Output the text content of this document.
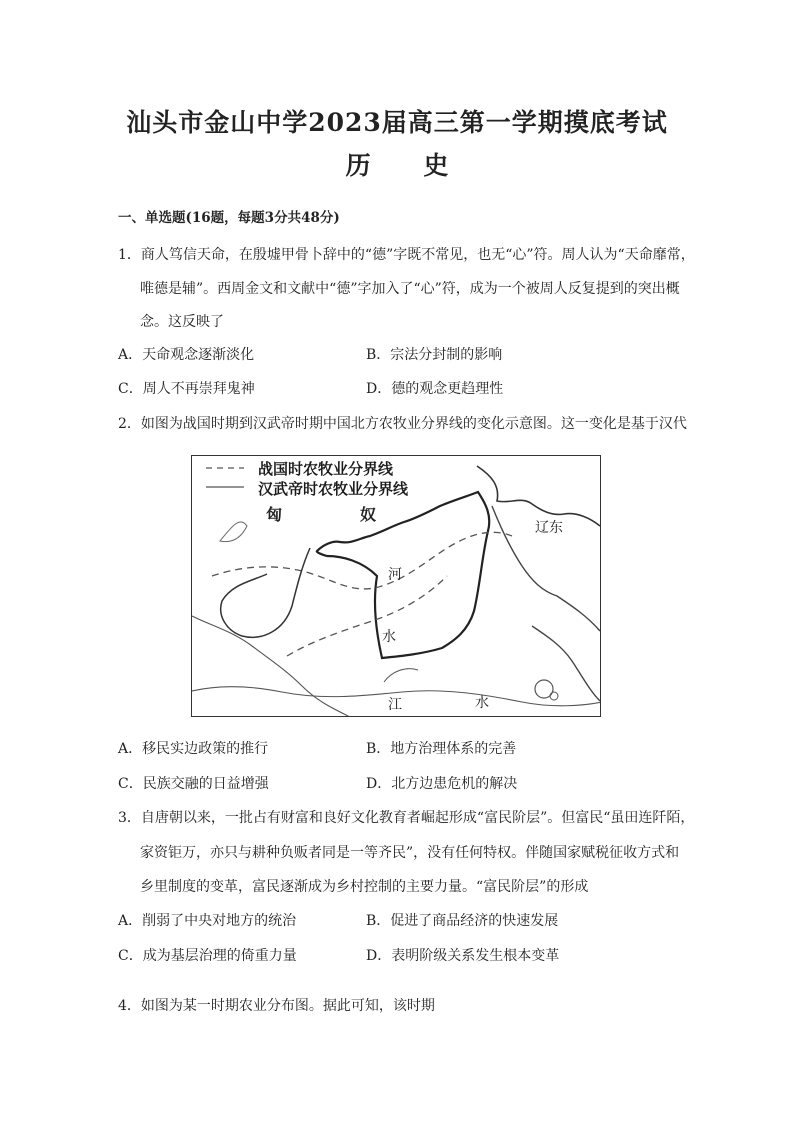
汕头市金山中学2023届高三第一学期摸底考试
历 史
一、单选题(16题，每题3分共48分)
1．商人笃信天命，在殷墟甲骨卜辞中的“德”字既不常见，也无“心”符。周人认为“天命靡常，
唯德是辅”。西周金文和文献中“德”字加入了“心”符，成为一个被周人反复提到的突出概
念。这反映了
A．天命观念逐渐淡化	B．宗法分封制的影响
C．周人不再崇拜鬼神	D．德的观念更趋理性
2．如图为战国时期到汉武帝时期中国北方农牧业分界线的变化示意图。这一变化是基于汉代
战国时农牧业分界线
汉武帝时农牧业分界线
匈	奴
辽东
河
水
江	水
A．移民实边政策的推行	B．地方治理体系的完善
C．民族交融的日益增强	D．北方边患危机的解决
3．自唐朝以来，一批占有财富和良好文化教育者崛起形成“富民阶层”。但富民“虽田连阡陌，
家资钜万，亦只与耕种负贩者同是一等齐民”，没有任何特权。伴随国家赋税征收方式和
乡里制度的变革，富民逐渐成为乡村控制的主要力量。“富民阶层”的形成
A．削弱了中央对地方的统治	B．促进了商品经济的快速发展
C．成为基层治理的倚重力量	D．表明阶级关系发生根本变革
4．如图为某一时期农业分布图。据此可知，该时期
